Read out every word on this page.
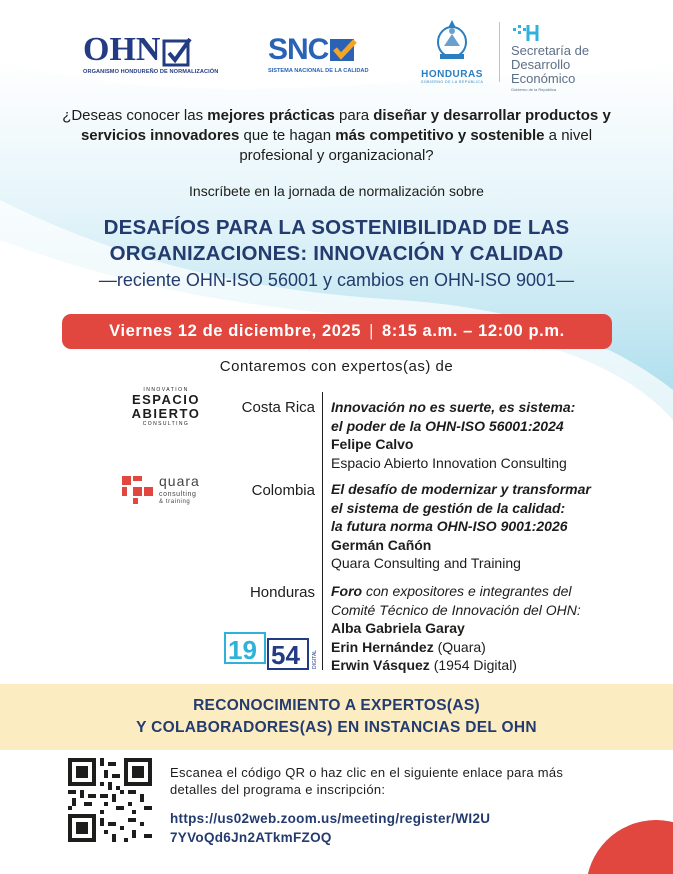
OHN
ORGANISMO HONDUREÑO DE NORMALIZACIÓN
SNC
SISTEMA NACIONAL DE LA CALIDAD	HONDURAS
GOBIERNO DE LA REPÚBLICA
Secretaría de
Desarrollo
Económico
Gobierno de la República
¿Deseas conocer las mejores prácticas para diseñar y desarrollar productos y servicios innovadores que te hagan más competitivo y sostenible a nivel profesional y organizacional?
Inscríbete en la jornada de normalización sobre
DESAFÍOS PARA LA SOSTENIBILIDAD DE LAS
ORGANIZACIONES: INNOVACIÓN Y CALIDAD
—reciente OHN-ISO 56001 y cambios en OHN-ISO 9001—
Viernes 12 de diciembre, 2025 | 8:15 a.m. – 12:00 p.m.
Contaremos con expertos(as) de
INNOVATION
ESPACIO
ABIERTO
CONSULTING
quara
consulting
& training
19 54 DIGITAL
Costa Rica
Colombia
Honduras
Innovación no es suerte, es sistema:
el poder de la OHN-ISO 56001:2024
Felipe Calvo
Espacio Abierto Innovation Consulting
El desafío de modernizar y transformar
el sistema de gestión de la calidad:
la futura norma OHN-ISO 9001:2026
Germán Cañón
Quara Consulting and Training
Foro con expositores e integrantes del
Comité Técnico de Innovación del OHN:
Alba Gabriela Garay
Erin Hernández (Quara)
Erwin Vásquez (1954 Digital)
RECONOCIMIENTO A EXPERTOS(AS)
Y COLABORADORES(AS) EN INSTANCIAS DEL OHN
Escanea el código QR o haz clic en el siguiente enlace para más detalles del programa e inscripción:
https://us02web.zoom.us/meeting/register/WI2U
7YVoQd6Jn2ATkmFZOQ
